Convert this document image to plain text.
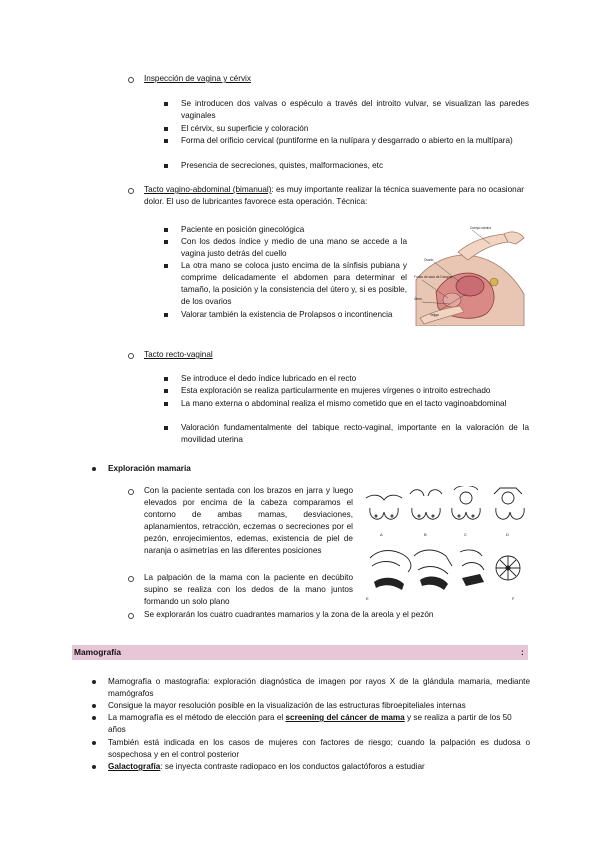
Inspección de vagina y cérvix
Se introducen dos valvas o espéculo a través del introito vulvar, se visualizan las paredes vaginales
El cérvix, su superficie y coloración
Forma del orificio cervical (puntiforme en la nulípara y desgarrado o abierto en la multípara)
Presencia de secreciones, quistes, malformaciones, etc
Tacto vagino-abdominal (bimanual): es muy importante realizar la técnica suavemente para no ocasionar dolor. El uso de lubricantes favorece esta operación. Técnica:
Paciente en posición ginecológica
Con los dedos índice y medio de una mano se accede a la vagina justo detrás del cuello
La otra mano se coloca justo encima de la sínfisis pubiana y comprime delicadamente el abdomen para determinar el tamaño, la posición y la consistencia del útero y, si es posible, de los ovarios
Valorar también la existencia de Prolapsos o incontinencia
Cuerpo uterino
Ovario
Fondo de saco de Douglas
Útero
Vejiga
Tacto recto-vaginal
Se introduce el dedo índice lubricado en el recto
Esta exploración se realiza particularmente en mujeres vírgenes o introito estrechado
La mano externa o abdominal realiza el mismo cometido que en el tacto vaginoabdominal
Valoración fundamentalmente del tabique recto-vaginal, importante en la valoración de la movilidad uterina
Exploración mamaria
Con la paciente sentada con los brazos en jarra y luego elevados por encima de la cabeza comparamos el contorno de ambas mamas, desviaciones, aplanamientos, retracción, eczemas o secreciones por el pezón, enrojecimientos, edemas, existencia de piel de naranja o asimetrías en las diferentes posiciones
La palpación de la mama con la paciente en decúbito supino se realiza con los dedos de la mano juntos formando un solo plano
Se explorarán los cuatro cuadrantes mamarios y la zona de la areola y el pezón
A	B	C	D
E	F
Mamografía	:
Mamografía o mastografía: exploración diagnóstica de imagen por rayos X de la glándula mamaria, mediante mamógrafos
Consigue la mayor resolución posible en la visualización de las estructuras fibroepiteliales internas
La mamografía es el método de elección para el screening del cáncer de mama y se realiza a partir de los 50 años
También está indicada en los casos de mujeres con factores de riesgo; cuando la palpación es dudosa o sospechosa y en el control posterior
Galactografía: se inyecta contraste radiopaco en los conductos galactóforos a estudiar
